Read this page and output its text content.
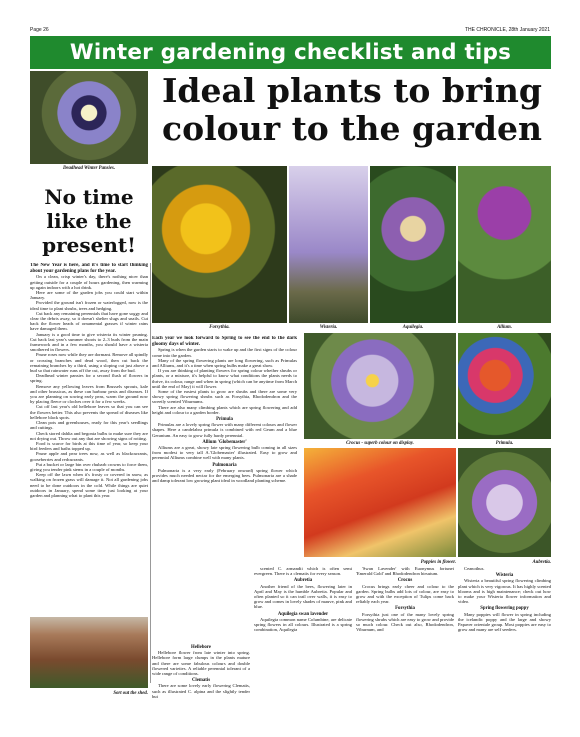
Page 26	THE CHRONICLE, 28th January 2021
Winter gardening checklist and tips
Ideal plants to bring colour to the garden
Deadhead Winter Pansies.
No time like the present!
Forsythia.	Wisteria.	Aquilegia.	Allium.
Crocus - superb colour on display.	Primula.
Poppies in flower.	Aubretia.
Sort out the shed.

The New Year is here, and it's time to start thinking about your gardening plans for the year.

On a clean, crisp winter's day, there's nothing nicer than getting outside for a couple of hours gardening, then warming up again indoors with a hot drink.

Here are some of the garden jobs you could start within January.

Provided the ground isn't frozen or waterlogged, now is the ideal time to plant shrubs, trees and hedging.

Cut back any remaining perennials that have gone soggy and clear the debris away, so it doesn't shelter slugs and snails. Cut back the flower heads of ornamental grasses if winter rains have damaged them.

January is a good time to give wisteria its winter pruning. Cut back last year's summer shoots to 2–3 buds from the main framework and in a few months, you should have a wisteria smothered in flowers.

Prune roses now while they are dormant. Remove all spindly or crossing branches and dead wood, then cut back the remaining branches by a third, using a sloping cut just above a bud so that rainwater runs off the cut, away from the bud.

Deadhead winter pansies for a second flush of flowers in spring.

Remove any yellowing leaves from Brussels sprouts, kale and other brassicas, as these can harbour pests and diseases. If you are planning on sowing early peas, warm the ground now by placing fleece or cloches over it for a few weeks.

Cut off last year's old hellebore leaves so that you can see the flowers better. This also prevents the spread of diseases like hellebore black spots.

Clean pots and greenhouses, ready for this year's seedlings and cuttings.

Check stored dahlia and begonia bulbs to make sure they are not drying out. Throw out any that are showing signs of rotting.

Food is scarce for birds at this time of year, so keep your bird feeders and baths topped up.

Prune apple and pear trees now, as well as blackcurrants, gooseberries and redcurrants.

Put a bucket or large bin over rhubarb crowns to force them, giving you tender pink stems in a couple of months.

Keep off the lawn when it's frosty or covered in snow, as walking on frozen grass will damage it. Not all gardening jobs need to be done outdoors in the cold. While things are quiet outdoors in January, spend some time just looking at your garden and planning what to plant this year.

Each year we look forward to Spring to see the end to the dark gloomy days of winter.

Spring is when the garden starts to wake up and the first signs of the colour come into the garden.

Many of the spring flowering plants are long flowering, such as Primulas and Alliums, and it's a time when spring bulbs make a great show.

If you are thinking of planting flowers for spring colour whether shrubs or plants, or a mixture, it's helpful to know what conditions the plants needs to thrive, its colour, range and when in spring (which can be anytime from March until the end of May) it will flower.

Some of the easiest plants to grow are shrubs and there are some very showy spring flowering shrubs such as Forsythia, Rhododendron and the sweetly scented Viburnums.

There are also many climbing plants which are spring flowering and add height and colour to a garden border.

Primula

Primulas are a lovely spring flower with many different colours and flower shapes. Here a candelabra primula is combined with red Geum and a blue Geranium. An easy to grow fully hardy perennial.

Allium 'Globemaster'

Alliums are a great, showy late spring flowering bulb coming in all sizes from modest to very tall A.'Globemaster' illustrated. Easy to grow and perennial Alliums combine well with many plants.

Pulmonaria

Pulmonaria is a very early (February onward) spring flower which provides much needed nectar for the emerging bees. Pulmonaria are a shade and damp tolerant low growing plant ideal in woodland planting scheme.

Hellebore

Hellebore flower from late winter into spring. Hellebore form large clumps in the plants mature and there are some fabulous colours and double flowered varieties. A reliable perennial tolerant of a wide range of conditions.

Clematis

There are some lovely early flowering Clematis, such as illustrated C. alpina and the slightly tender but

scented C. armandii which is often semi evergreen. There is a clematis for every season.

Aubretia

Another friend of the bees, flowering later in April and May is the humble Aubretia. Popular and often planted so it can trail over walls, it is easy to grow and comes in lovely shades of mauve, pink and blue.

Aquilegia swan lavender

Aquilegia common name Columbine, are delicate spring flowers in all colours. Illustrated is a spring combination, Aquilegia

'Swan Lavender' with Euonymus fortunei 'Emerald Gold' and Rhododendron hirsutum.

Crocus

Crocus brings early cheer and colour to the garden. Spring bulbs add lots of colour, are easy to grow and with the exception of Tulips come back reliably each year.

Forsythia

Forsythia just one of the many lovely spring flowering shrubs which are easy to grow and provide so much colour. Check out also, Rhododendron, Viburnum, and

Ceanothus.

Wisteria

Wisteria a beautiful spring flowering climbing plant which is very vigorous. It has highly scented blooms and is high maintenance; check out how to make your Wisteria flower information and video.

Spring flowering poppy

Many poppies will flower in spring including the icelandic poppy and the large and showy Papaver orientale group. Most poppies are easy to grow and many are self seeders.
